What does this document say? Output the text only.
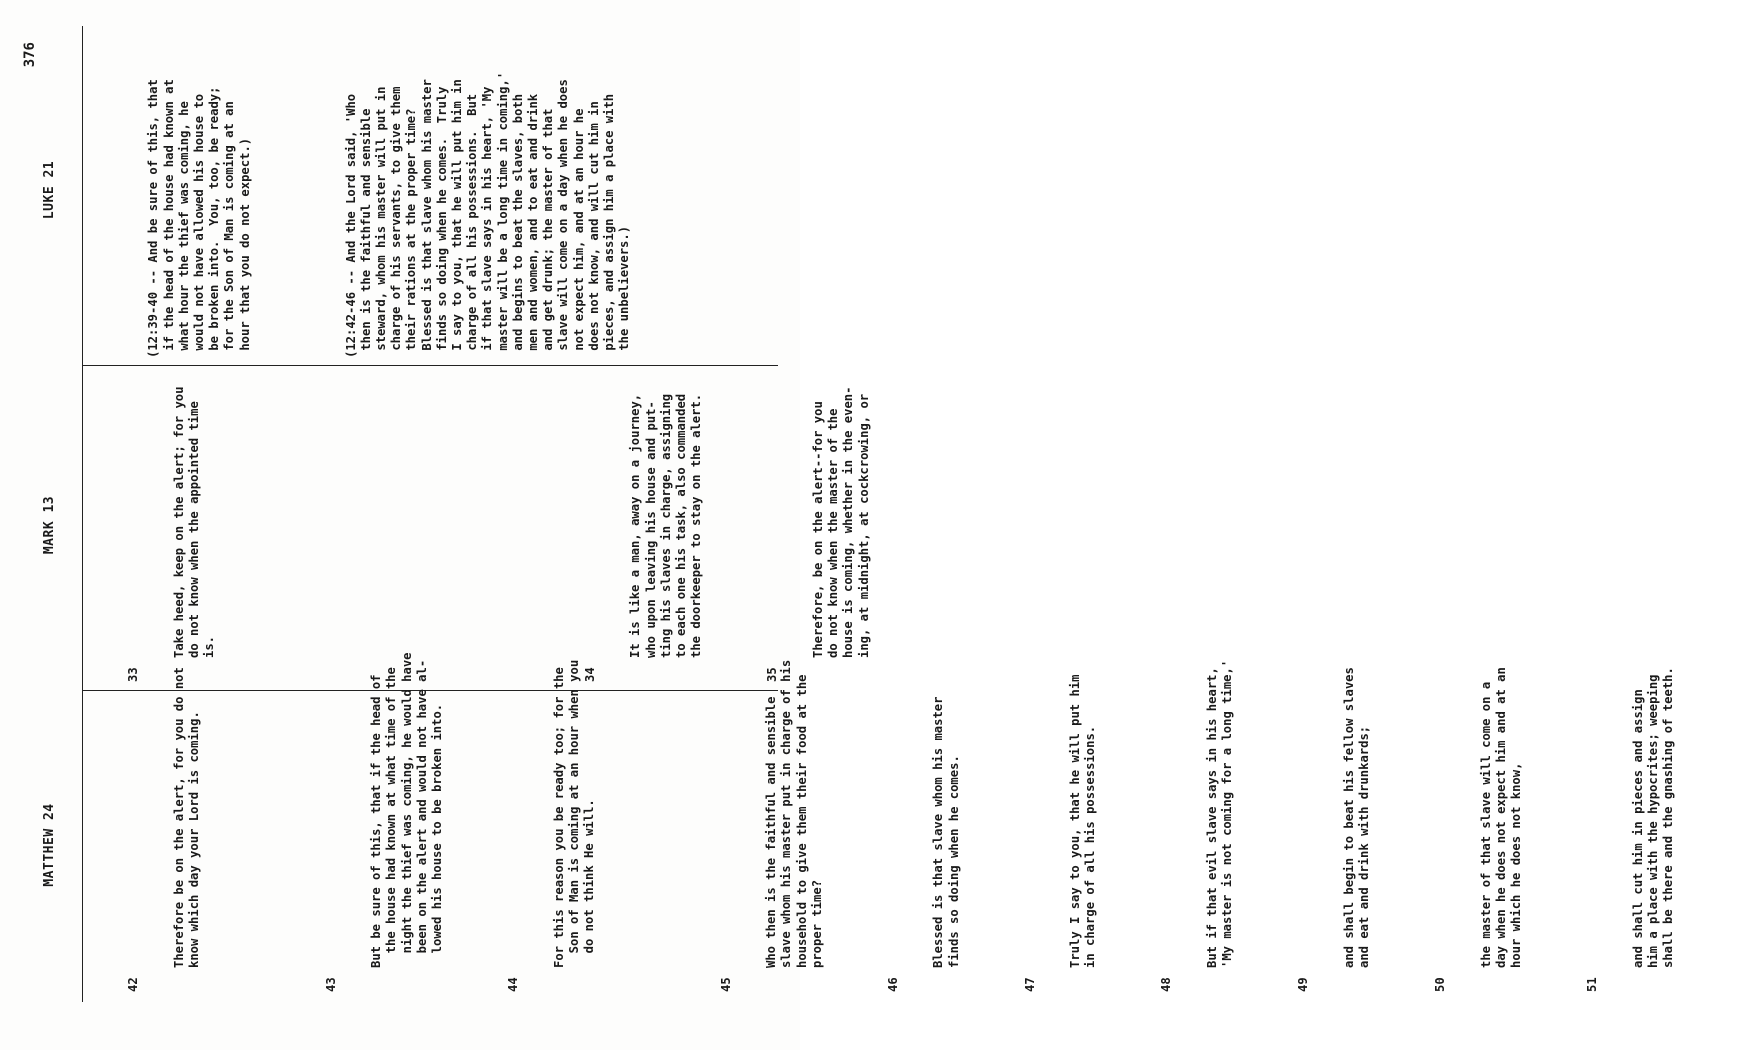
376
MATTHEW 24
MARK 13
LUKE 21

42

Therefore be on the alert, for you do not
know which day your Lord is coming.

43

But be sure of this, that if the head of
the house had known at what time of the
night the thief was coming, he would have
been on the alert and would not have al-
lowed his house to be broken into.

44

For this reason you be ready too; for the
Son of Man is coming at an hour when you
do not think He will.

45

Who then is the faithful and sensible
slave whom his master put in charge of his
household to give them their food at the
proper time?

46

Blessed is that slave whom his master
finds so doing when he comes.

47

Truly I say to you, that he will put him
in charge of all his possessions.

48

But if that evil slave says in his heart,
'My master is not coming for a long time,'

49

and shall begin to beat his fellow slaves
and eat and drink with drunkards;

50

the master of that slave will come on a
day when he does not expect him and at an
hour which he does not know,

51

and shall cut him in pieces and assign
him a place with the hypocrites; weeping
shall be there and the gnashing of teeth.

33

Take heed, keep on the alert; for you
do not know when the appointed time
is.

34

It is like a man, away on a journey,
who upon leaving his house and put-
ting his slaves in charge, assigning
to each one his task, also commanded
the doorkeeper to stay on the alert.

35

Therefore, be on the alert--for you
do not know when the master of the
house is coming, whether in the even-
ing, at midnight, at cockcrowing, or

(12:39-40 -- And be sure of this, that
if the head of the house had known at
what hour the thief was coming, he
would not have allowed his house to
be broken into.  You, too, be ready;
for the Son of Man is coming at an
hour that you do not expect.)

(12:42-46 -- And the Lord said, 'Who
then is the faithful and sensible
steward, whom his master will put in
charge of his servants, to give them
their rations at the proper time?
Blessed is that slave whom his master
finds so doing when he comes.  Truly
I say to you, that he will put him in
charge of all his possessions.  But
if that slave says in his heart, 'My
master will be a long time in coming,'
and begins to beat the slaves, both
men and women, and to eat and drink
and get drunk; the master of that
slave will come on a day when he does
not expect him, and at an hour he
does not know, and will cut him in
pieces, and assign him a place with
the unbelievers.)
